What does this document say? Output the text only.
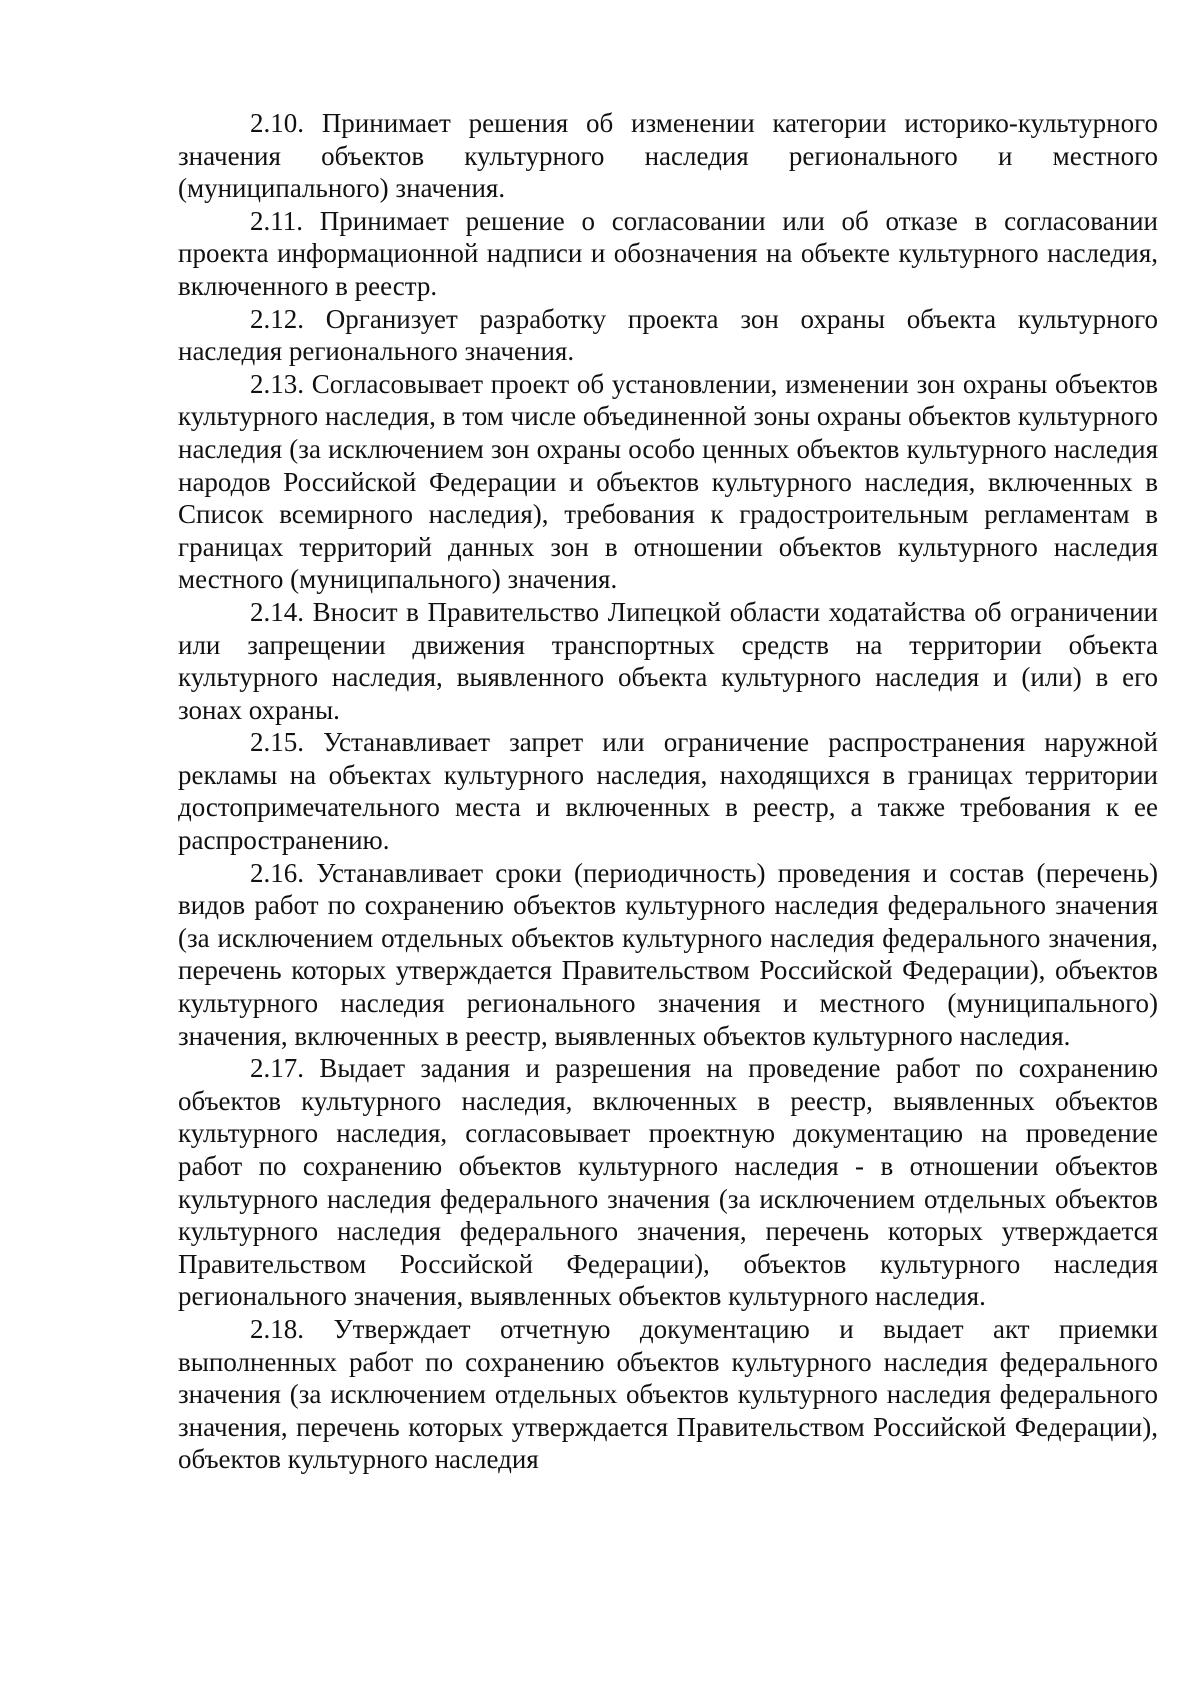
2.10. Принимает решения об изменении категории историко-культурного значения объектов культурного наследия регионального и местного (муниципального) значения.

2.11. Принимает решение о согласовании или об отказе в согласовании проекта информационной надписи и обозначения на объекте культурного наследия, включенного в реестр.

2.12. Организует разработку проекта зон охраны объекта культурного наследия регионального значения.

2.13. Согласовывает проект об установлении, изменении зон охраны объектов культурного наследия, в том числе объединенной зоны охраны объектов культурного наследия (за исключением зон охраны особо ценных объектов культурного наследия народов Российской Федерации и объектов культурного наследия, включенных в Список всемирного наследия), требования к градостроительным регламентам в границах территорий данных зон в отношении объектов культурного наследия местного (муниципального) значения.

2.14. Вносит в Правительство Липецкой области ходатайства об ограничении или запрещении движения транспортных средств на территории объекта культурного наследия, выявленного объекта культурного наследия и (или) в его зонах охраны.

2.15. Устанавливает запрет или ограничение распространения наружной рекламы на объектах культурного наследия, находящихся в границах территории достопримечательного места и включенных в реестр, а также требования к ее распространению.

2.16. Устанавливает сроки (периодичность) проведения и состав (перечень) видов работ по сохранению объектов культурного наследия федерального значения (за исключением отдельных объектов культурного наследия федерального значения, перечень которых утверждается Правительством Российской Федерации), объектов культурного наследия регионального значения и местного (муниципального) значения, включенных в реестр, выявленных объектов культурного наследия.

2.17. Выдает задания и разрешения на проведение работ по сохранению объектов культурного наследия, включенных в реестр, выявленных объектов культурного наследия, согласовывает проектную документацию на проведение работ по сохранению объектов культурного наследия - в отношении объектов культурного наследия федерального значения (за исключением отдельных объектов культурного наследия федерального значения, перечень которых утверждается Правительством Российской Федерации), объектов культурного наследия регионального значения, выявленных объектов культурного наследия.

2.18. Утверждает отчетную документацию и выдает акт приемки выполненных работ по сохранению объектов культурного наследия федерального значения (за исключением отдельных объектов культурного наследия федерального значения, перечень которых утверждается Правительством Российской Федерации), объектов культурного наследия
